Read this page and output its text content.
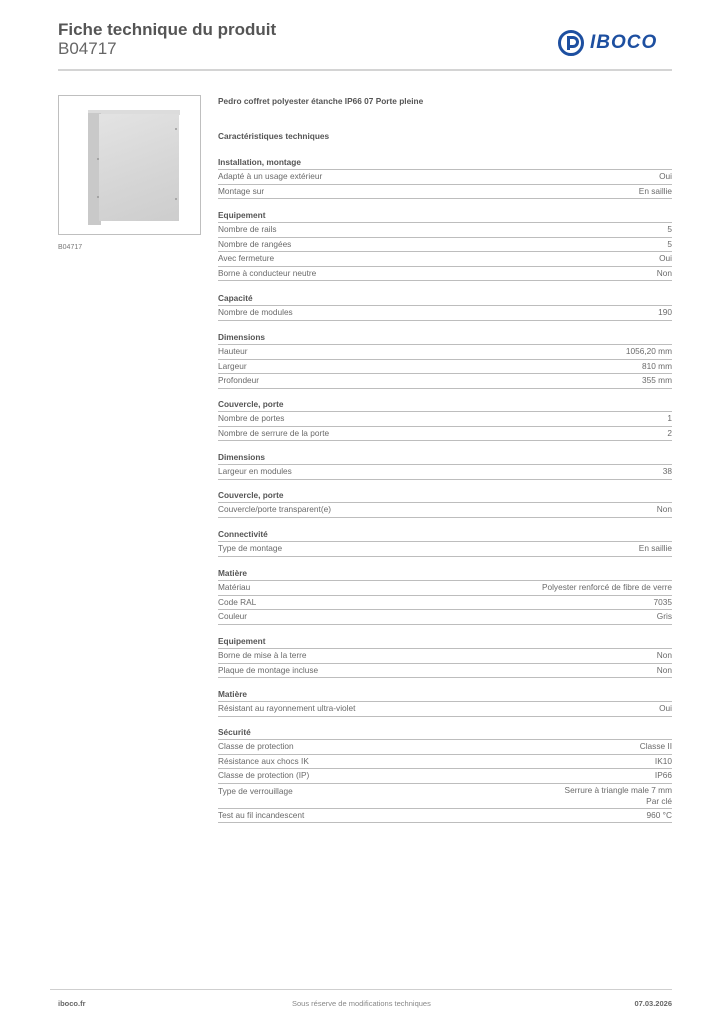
Fiche technique du produit
B04717	IBOCO
B04717
Pedro coffret polyester étanche IP66 07 Porte pleine
Caractéristiques techniques
Installation, montage
Adapté à un usage extérieur	Oui
Montage sur	En saillie
Equipement
Nombre de rails	5
Nombre de rangées	5
Avec fermeture	Oui
Borne à conducteur neutre	Non
Capacité
Nombre de modules	190
Dimensions
Hauteur	1056,20 mm
Largeur	810 mm
Profondeur	355 mm
Couvercle, porte
Nombre de portes	1
Nombre de serrure de la porte	2
Dimensions
Largeur en modules	38
Couvercle, porte
Couvercle/porte transparent(e)	Non
Connectivité
Type de montage	En saillie
Matière
Matériau	Polyester renforcé de fibre de verre
Code RAL	7035
Couleur	Gris
Equipement
Borne de mise à la terre	Non
Plaque de montage incluse	Non
Matière
Résistant au rayonnement ultra-violet	Oui
Sécurité
Classe de protection	Classe II
Résistance aux chocs IK	IK10
Classe de protection (IP)	IP66
Type de verrouillage	Serrure à triangle male 7 mm
Par clé
Test au fil incandescent	960 °C
iboco.fr	Sous réserve de modifications techniques	07.03.2026
